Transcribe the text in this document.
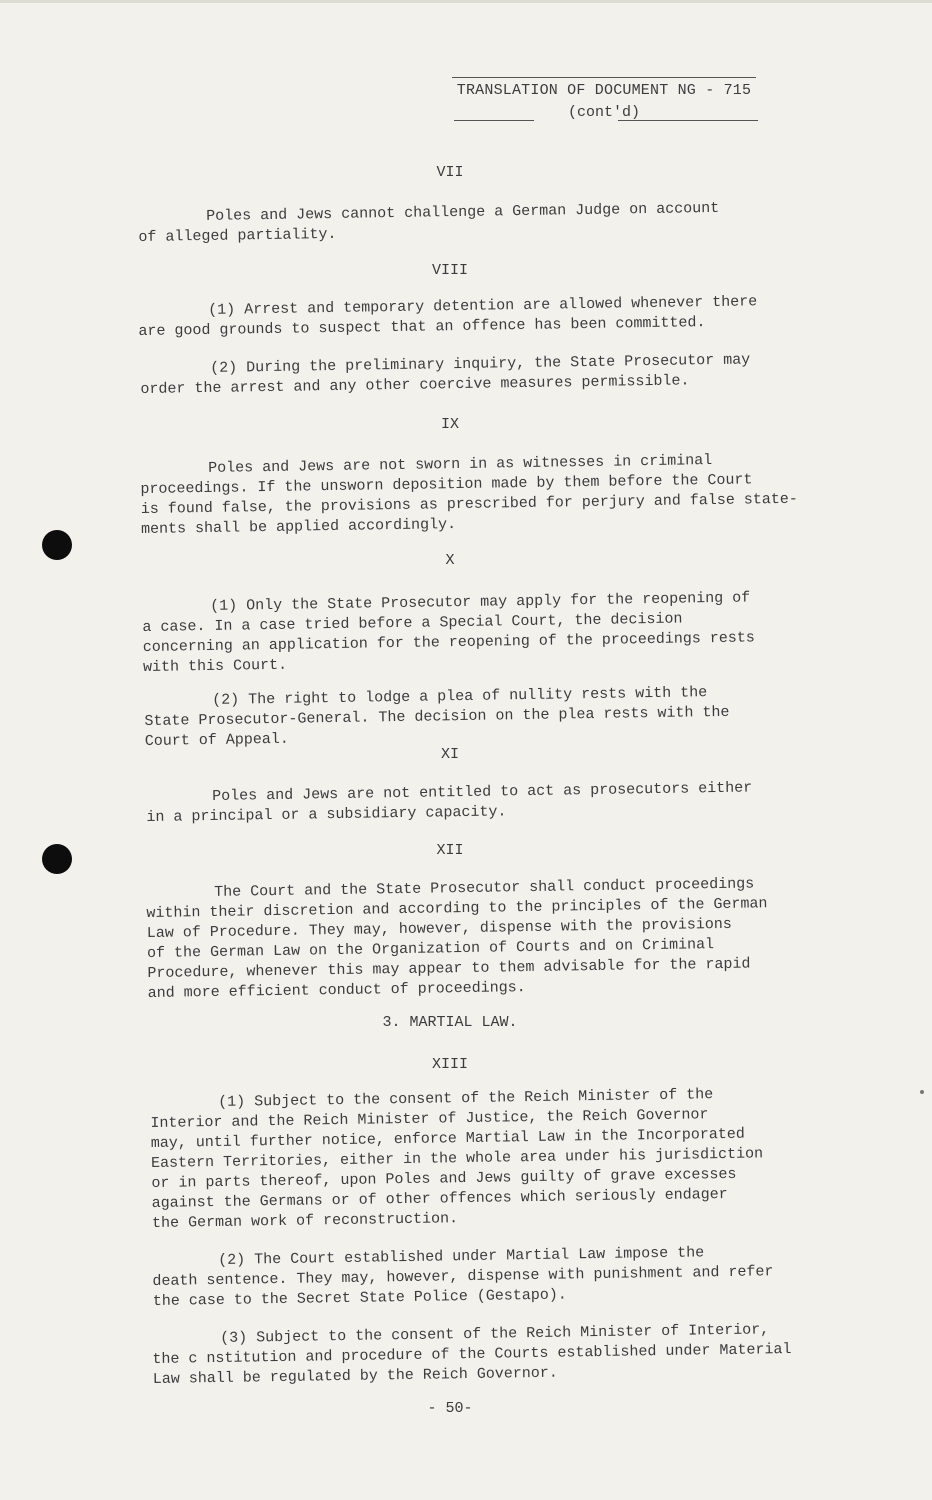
TRANSLATION OF DOCUMENT NG - 715
(cont'd)
VII
Poles and Jews cannot challenge a German Judge on account
of alleged partiality.
VIII
(1) Arrest and temporary detention are allowed whenever there
are good grounds to suspect that an offence has been committed.
(2) During the preliminary inquiry, the State Prosecutor may
order the arrest and any other coercive measures permissible.
IX
Poles and Jews are not sworn in as witnesses in criminal
proceedings. If the unsworn deposition made by them before the Court
is found false, the provisions as prescribed for perjury and false state-
ments shall be applied accordingly.
X
(1) Only the State Prosecutor may apply for the reopening of
a case. In a case tried before a Special Court, the decision
concerning an application for the reopening of the proceedings rests
with this Court.
(2) The right to lodge a plea of nullity rests with the
State Prosecutor-General. The decision on the plea rests with the
Court of Appeal.
XI
Poles and Jews are not entitled to act as prosecutors either
in a principal or a subsidiary capacity.
XII
The Court and the State Prosecutor shall conduct proceedings
within their discretion and according to the principles of the German
Law of Procedure. They may, however, dispense with the provisions
of the German Law on the Organization of Courts and on Criminal
Procedure, whenever this may appear to them advisable for the rapid
and more efficient conduct of proceedings.
3. MARTIAL LAW.
XIII
(1) Subject to the consent of the Reich Minister of the
Interior and the Reich Minister of Justice, the Reich Governor
may, until further notice, enforce Martial Law in the Incorporated
Eastern Territories, either in the whole area under his jurisdiction
or in parts thereof, upon Poles and Jews guilty of grave excesses
against the Germans or of other offences which seriously endager
the German work of reconstruction.
(2) The Court established under Martial Law impose the
death sentence. They may, however, dispense with punishment and refer
the case to the Secret State Police (Gestapo).
(3) Subject to the consent of the Reich Minister of Interior,
the c nstitution and procedure of the Courts established under Material
Law shall be regulated by the Reich Governor.
- 50-
